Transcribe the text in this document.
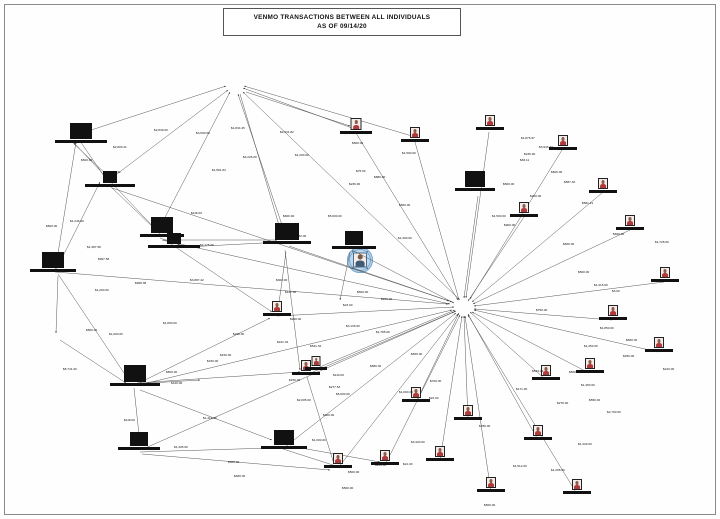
VENMO TRANSACTIONS BETWEEN ALL INDIVIDUALS
AS OF 09/14/20
$2,839.00
$3,500.00
$2,803.21
$1,834.45
$2,631.82
$500.00
$2,173.91
$4,225.00	$1,200.00
$500.00
$1,581.84	$75.00
$1,500.00
$880.00
$236.00
$1,876.57
$3,943.37
$245.00
$83.11
$500.00
$500.00	$587.46
$581.21
$200.00
$650.00
$116.00
$1,246.00
$500.00
$600.00	$5,000.00	$1,500.00
$1,300.00
$900.00
$660.00
$4,175.00
$882.00
$150.00
$1,387.58
$1,728.00
$500.00
$997.58
$300.00
$3,887.42
$500.00
$1,200.00
$968.38	$1,415.00
$3.00
$127.00	$500.00
$200.00
$23.00
$1,800.00
$500.00
$750.00
$1,850.00
$1,000.00
$290.00
$3,136.00
$1,785.00
$660.00
$228.00
$1,450.00
$161.33
$541.32
$450.00
$500.00
$150.00
$150.00
$5,741.00
$500.00
$110.00
$150.00
$580.00
$533.00	$500.00
$120.00
$277.53
$700.00
$1,450.00
$210.00
$1,000.00
$5,600.00
$22.00
$171.00
$270.00
$550.00
$2,005.00
$2,700.00
$1,414.66
$118.00
$300.00
$1,000.00	$3,420.00
$780.00
$1,429.00
$1,305.00
$500.00
$250.00	$21.00	$1,512.00
$1,208.00
$500.00
$480.00
$500.00
$500.00
